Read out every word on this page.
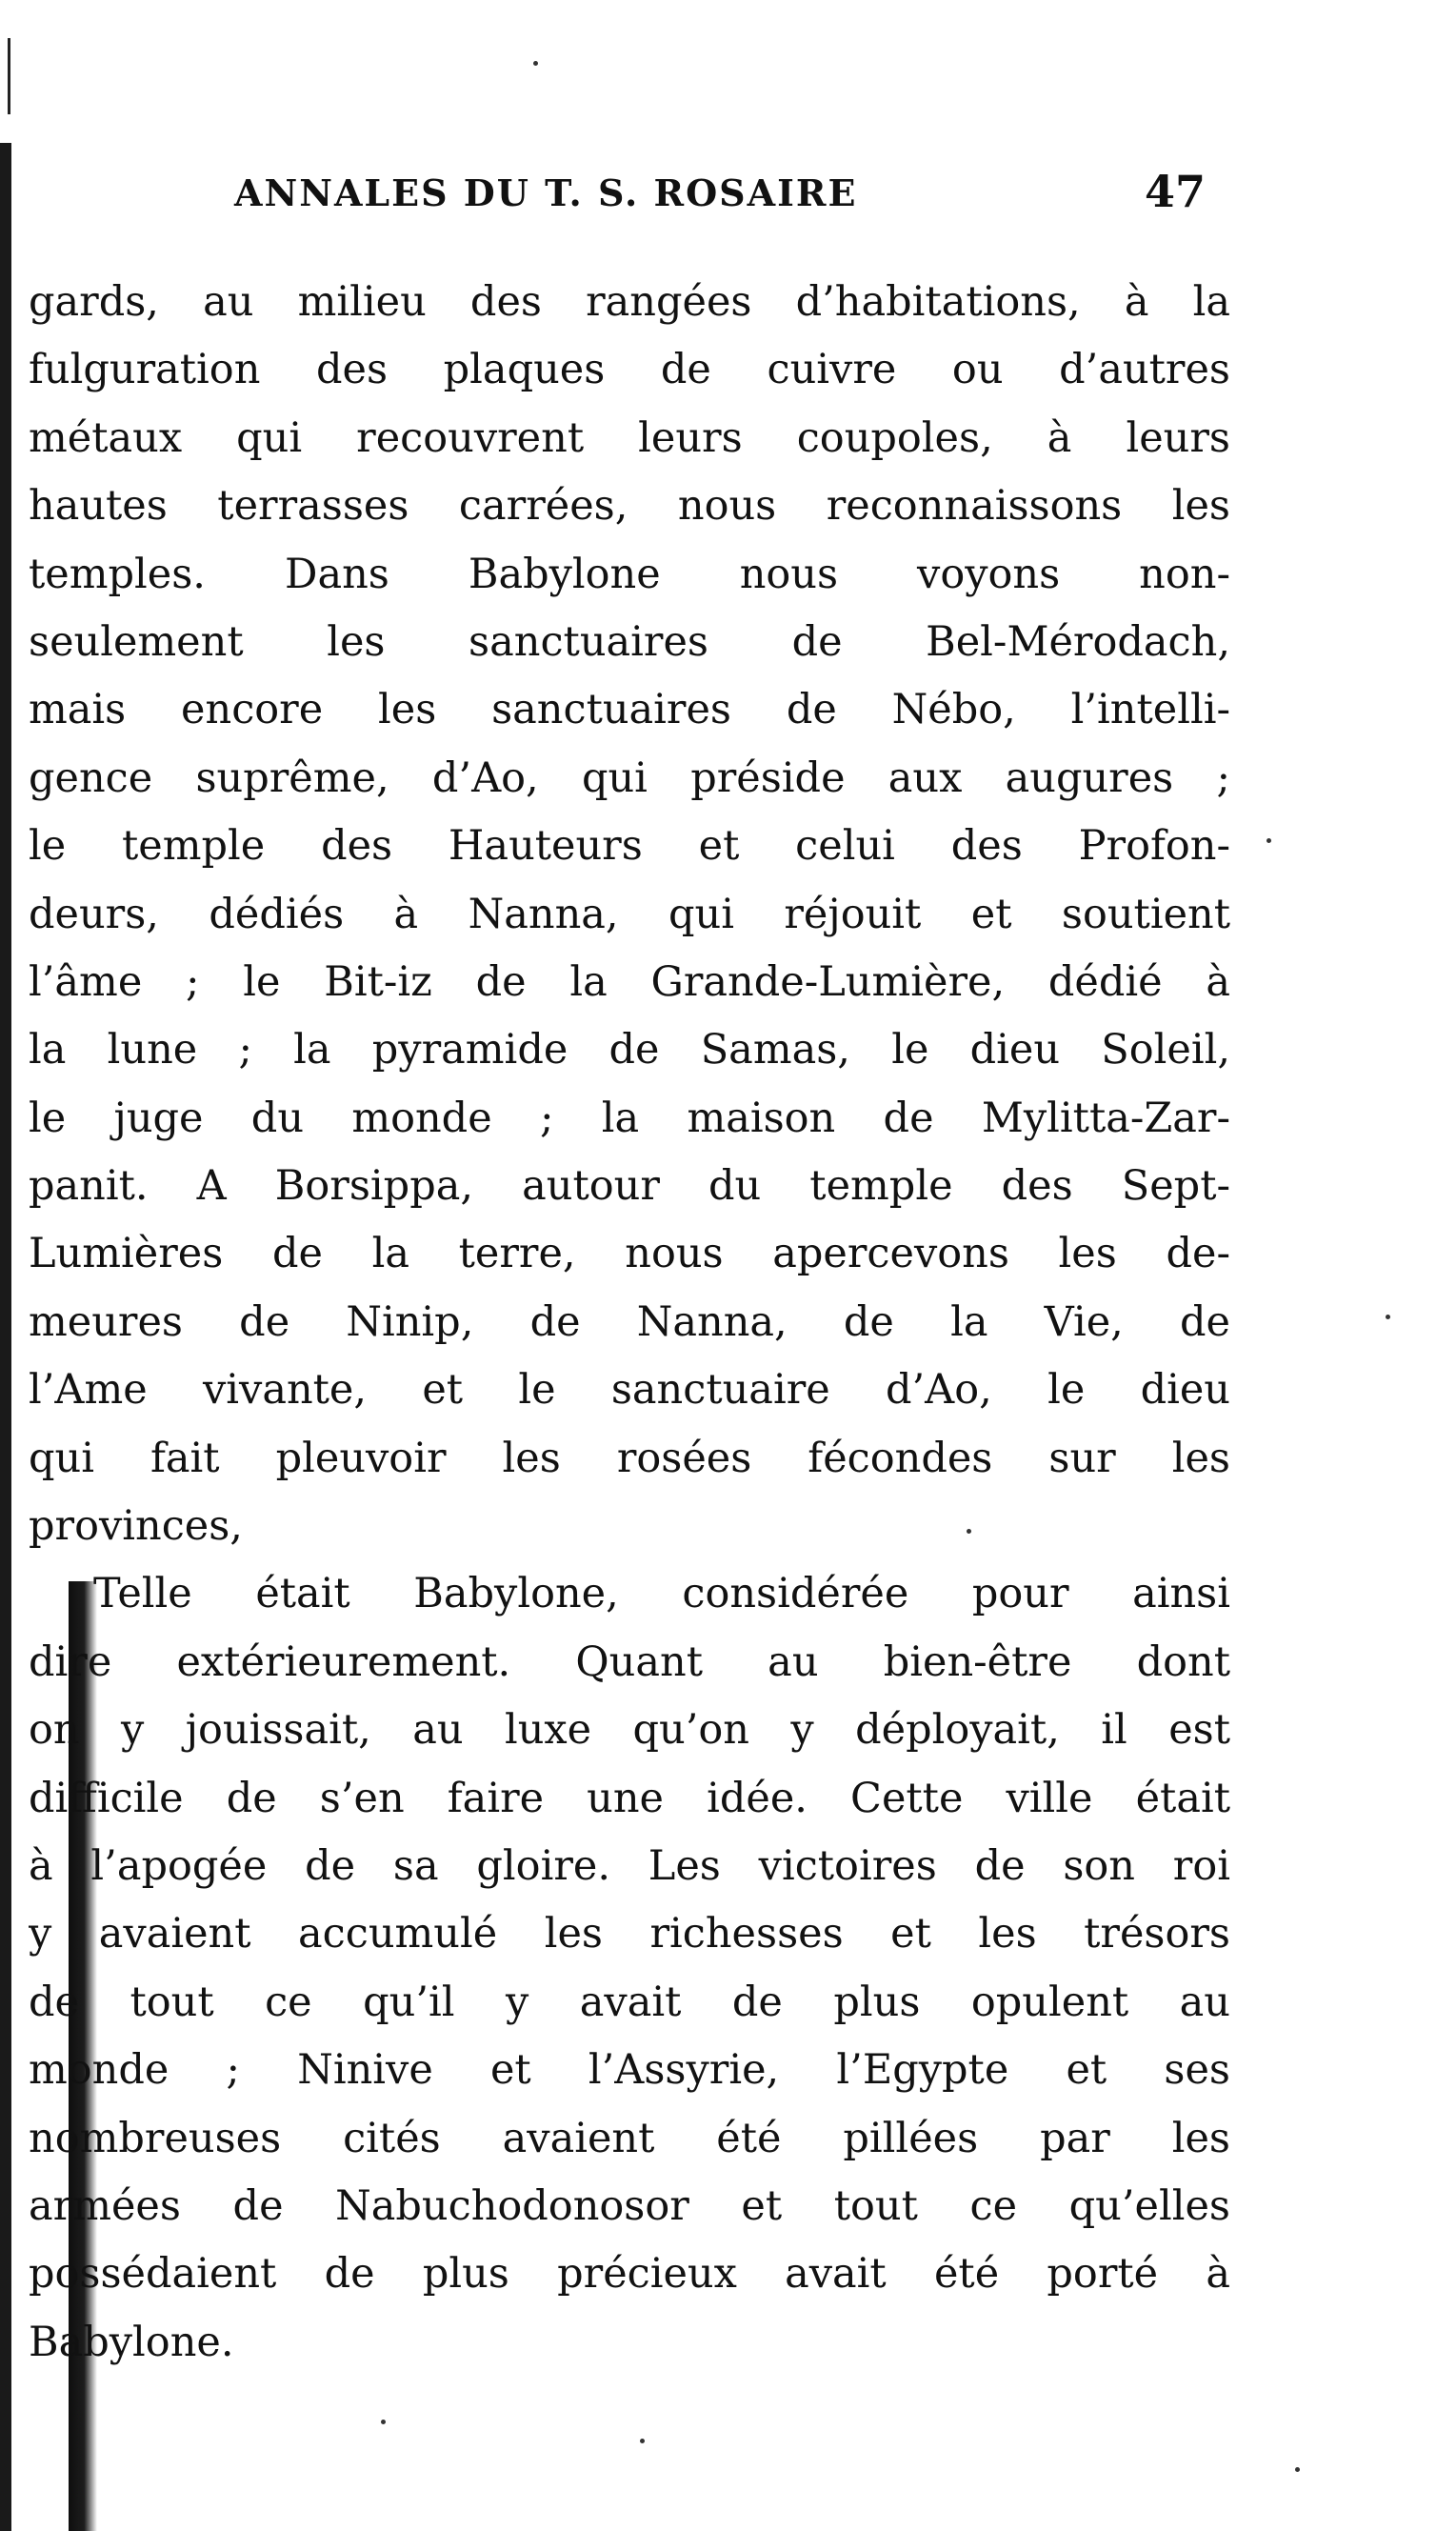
ANNALES DU T. S. ROSAIRE	47
gards, au milieu des rangées d’habitations, à la
fulguration des plaques de cuivre ou d’autres
métaux qui recouvrent leurs coupoles, à leurs
hautes terrasses carrées, nous reconnaissons les
temples. Dans Babylone nous voyons non-
seulement les sanctuaires de Bel-Mérodach,
mais encore les sanctuaires de Nébo, l’intelli-
gence suprême, d’Ao, qui préside aux augures ;
le temple des Hauteurs et celui des Profon-
deurs, dédiés à Nanna, qui réjouit et soutient
l’âme ; le Bit-iz de la Grande-Lumière, dédié à
la lune ; la pyramide de Samas, le dieu Soleil,
le juge du monde ; la maison de Mylitta-Zar-
panit. A Borsippa, autour du temple des Sept-
Lumières de la terre, nous apercevons les de-
meures de Ninip, de Nanna, de la Vie, de
l’Ame vivante, et le sanctuaire d’Ao, le dieu
qui fait pleuvoir les rosées fécondes sur les
provinces,
Telle était Babylone, considérée pour ainsi
dire extérieurement. Quant au bien-être dont
on y jouissait, au luxe qu’on y déployait, il est
difficile de s’en faire une idée. Cette ville était
à l’apogée de sa gloire. Les victoires de son roi
y avaient accumulé les richesses et les trésors
de tout ce qu’il y avait de plus opulent au
monde ; Ninive et l’Assyrie, l’Egypte et ses
nombreuses cités avaient été pillées par les
armées de Nabuchodonosor et tout ce qu’elles
possédaient de plus précieux avait été porté à
Babylone.
